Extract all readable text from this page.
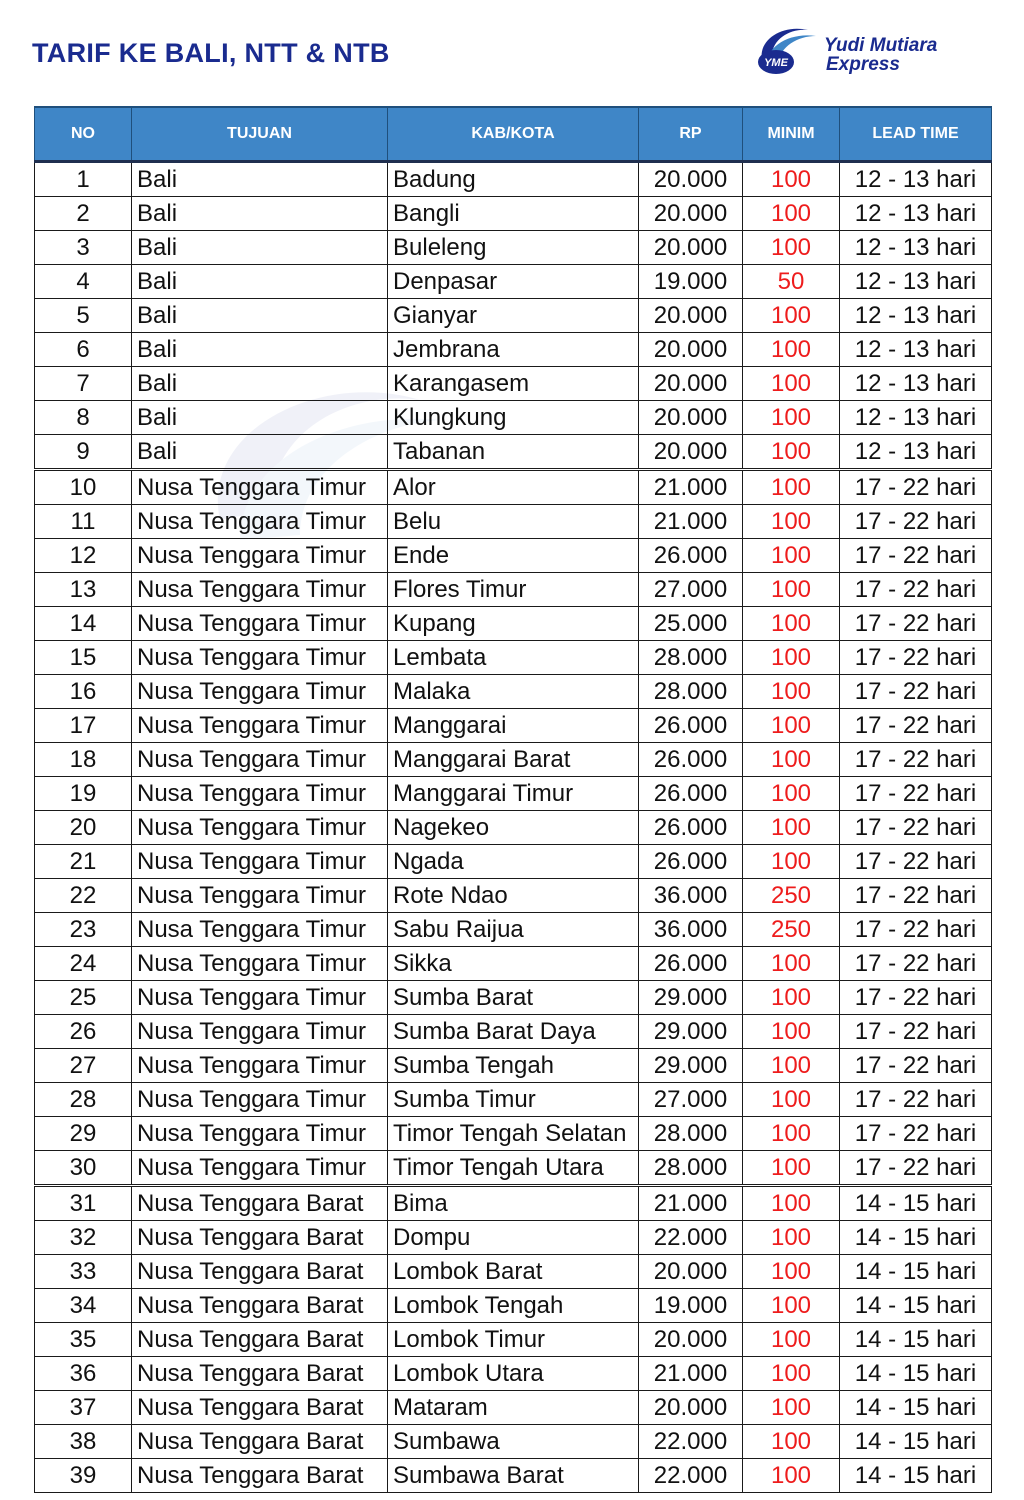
TARIF KE BALI, NTT & NTB	YME
Yudi Mutiara
Express
NO	TUJUAN	KAB/KOTA	RP	MINIM	LEAD TIME
1	Bali	Badung	20.000	100	12 - 13 hari
2	Bali	Bangli	20.000	100	12 - 13 hari
3	Bali	Buleleng	20.000	100	12 - 13 hari
4	Bali	Denpasar	19.000	50	12 - 13 hari
5	Bali	Gianyar	20.000	100	12 - 13 hari
6	Bali	Jembrana	20.000	100	12 - 13 hari
7	Bali	Karangasem	20.000	100	12 - 13 hari
8	Bali	Klungkung	20.000	100	12 - 13 hari
9	Bali	Tabanan	20.000	100	12 - 13 hari
10	Nusa Tenggara Timur	Alor	21.000	100	17 - 22 hari
11	Nusa Tenggara Timur	Belu	21.000	100	17 - 22 hari
12	Nusa Tenggara Timur	Ende	26.000	100	17 - 22 hari
13	Nusa Tenggara Timur	Flores Timur	27.000	100	17 - 22 hari
14	Nusa Tenggara Timur	Kupang	25.000	100	17 - 22 hari
15	Nusa Tenggara Timur	Lembata	28.000	100	17 - 22 hari
16	Nusa Tenggara Timur	Malaka	28.000	100	17 - 22 hari
17	Nusa Tenggara Timur	Manggarai	26.000	100	17 - 22 hari
18	Nusa Tenggara Timur	Manggarai Barat	26.000	100	17 - 22 hari
19	Nusa Tenggara Timur	Manggarai Timur	26.000	100	17 - 22 hari
20	Nusa Tenggara Timur	Nagekeo	26.000	100	17 - 22 hari
21	Nusa Tenggara Timur	Ngada	26.000	100	17 - 22 hari
22	Nusa Tenggara Timur	Rote Ndao	36.000	250	17 - 22 hari
23	Nusa Tenggara Timur	Sabu Raijua	36.000	250	17 - 22 hari
24	Nusa Tenggara Timur	Sikka	26.000	100	17 - 22 hari
25	Nusa Tenggara Timur	Sumba Barat	29.000	100	17 - 22 hari
26	Nusa Tenggara Timur	Sumba Barat Daya	29.000	100	17 - 22 hari
27	Nusa Tenggara Timur	Sumba Tengah	29.000	100	17 - 22 hari
28	Nusa Tenggara Timur	Sumba Timur	27.000	100	17 - 22 hari
29	Nusa Tenggara Timur	Timor Tengah Selatan	28.000	100	17 - 22 hari
30	Nusa Tenggara Timur	Timor Tengah Utara	28.000	100	17 - 22 hari
31	Nusa Tenggara Barat	Bima	21.000	100	14 - 15 hari
32	Nusa Tenggara Barat	Dompu	22.000	100	14 - 15 hari
33	Nusa Tenggara Barat	Lombok Barat	20.000	100	14 - 15 hari
34	Nusa Tenggara Barat	Lombok Tengah	19.000	100	14 - 15 hari
35	Nusa Tenggara Barat	Lombok Timur	20.000	100	14 - 15 hari
36	Nusa Tenggara Barat	Lombok Utara	21.000	100	14 - 15 hari
37	Nusa Tenggara Barat	Mataram	20.000	100	14 - 15 hari
38	Nusa Tenggara Barat	Sumbawa	22.000	100	14 - 15 hari
39	Nusa Tenggara Barat	Sumbawa Barat	22.000	100	14 - 15 hari
